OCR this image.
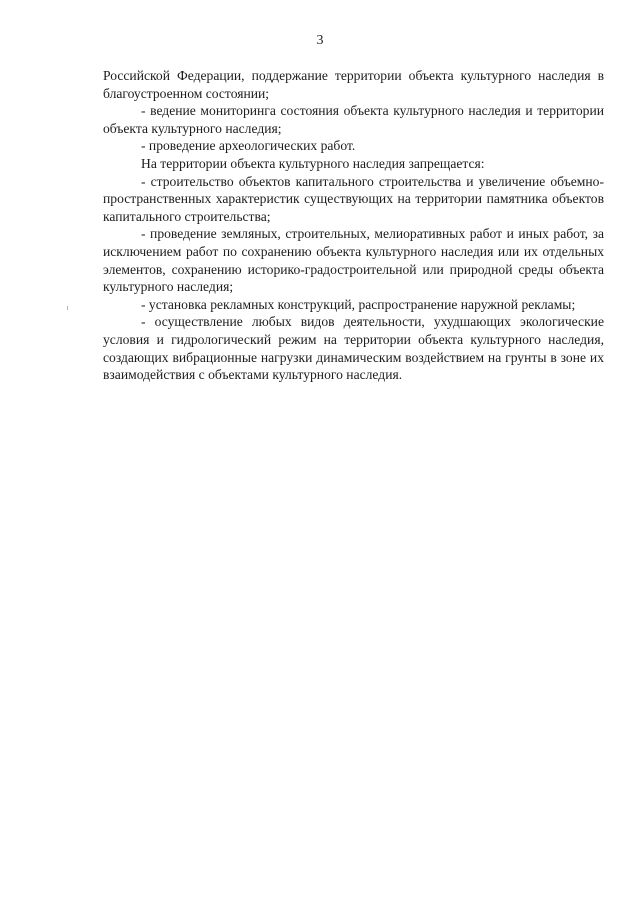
3

Российской Федерации, поддержание территории объекта культурного наследия в благоустроенном состоянии;

- ведение мониторинга состояния объекта культурного наследия и территории объекта культурного наследия;

- проведение археологических работ.

На территории объекта культурного наследия запрещается:

- строительство объектов капитального строительства и увеличение объемно-пространственных характеристик существующих на территории памятника объектов капитального строительства;

- проведение земляных, строительных, мелиоративных работ и иных работ, за исключением работ по сохранению объекта культурного наследия или их отдельных элементов, сохранению историко-градостроительной или природной среды объекта культурного наследия;

- установка рекламных конструкций, распространение наружной рекламы;

- осуществление любых видов деятельности, ухудшающих экологические условия и гидрологический режим на территории объекта культурного наследия, создающих вибрационные нагрузки динамическим воздействием на грунты в зоне их взаимодействия с объектами культурного наследия.
